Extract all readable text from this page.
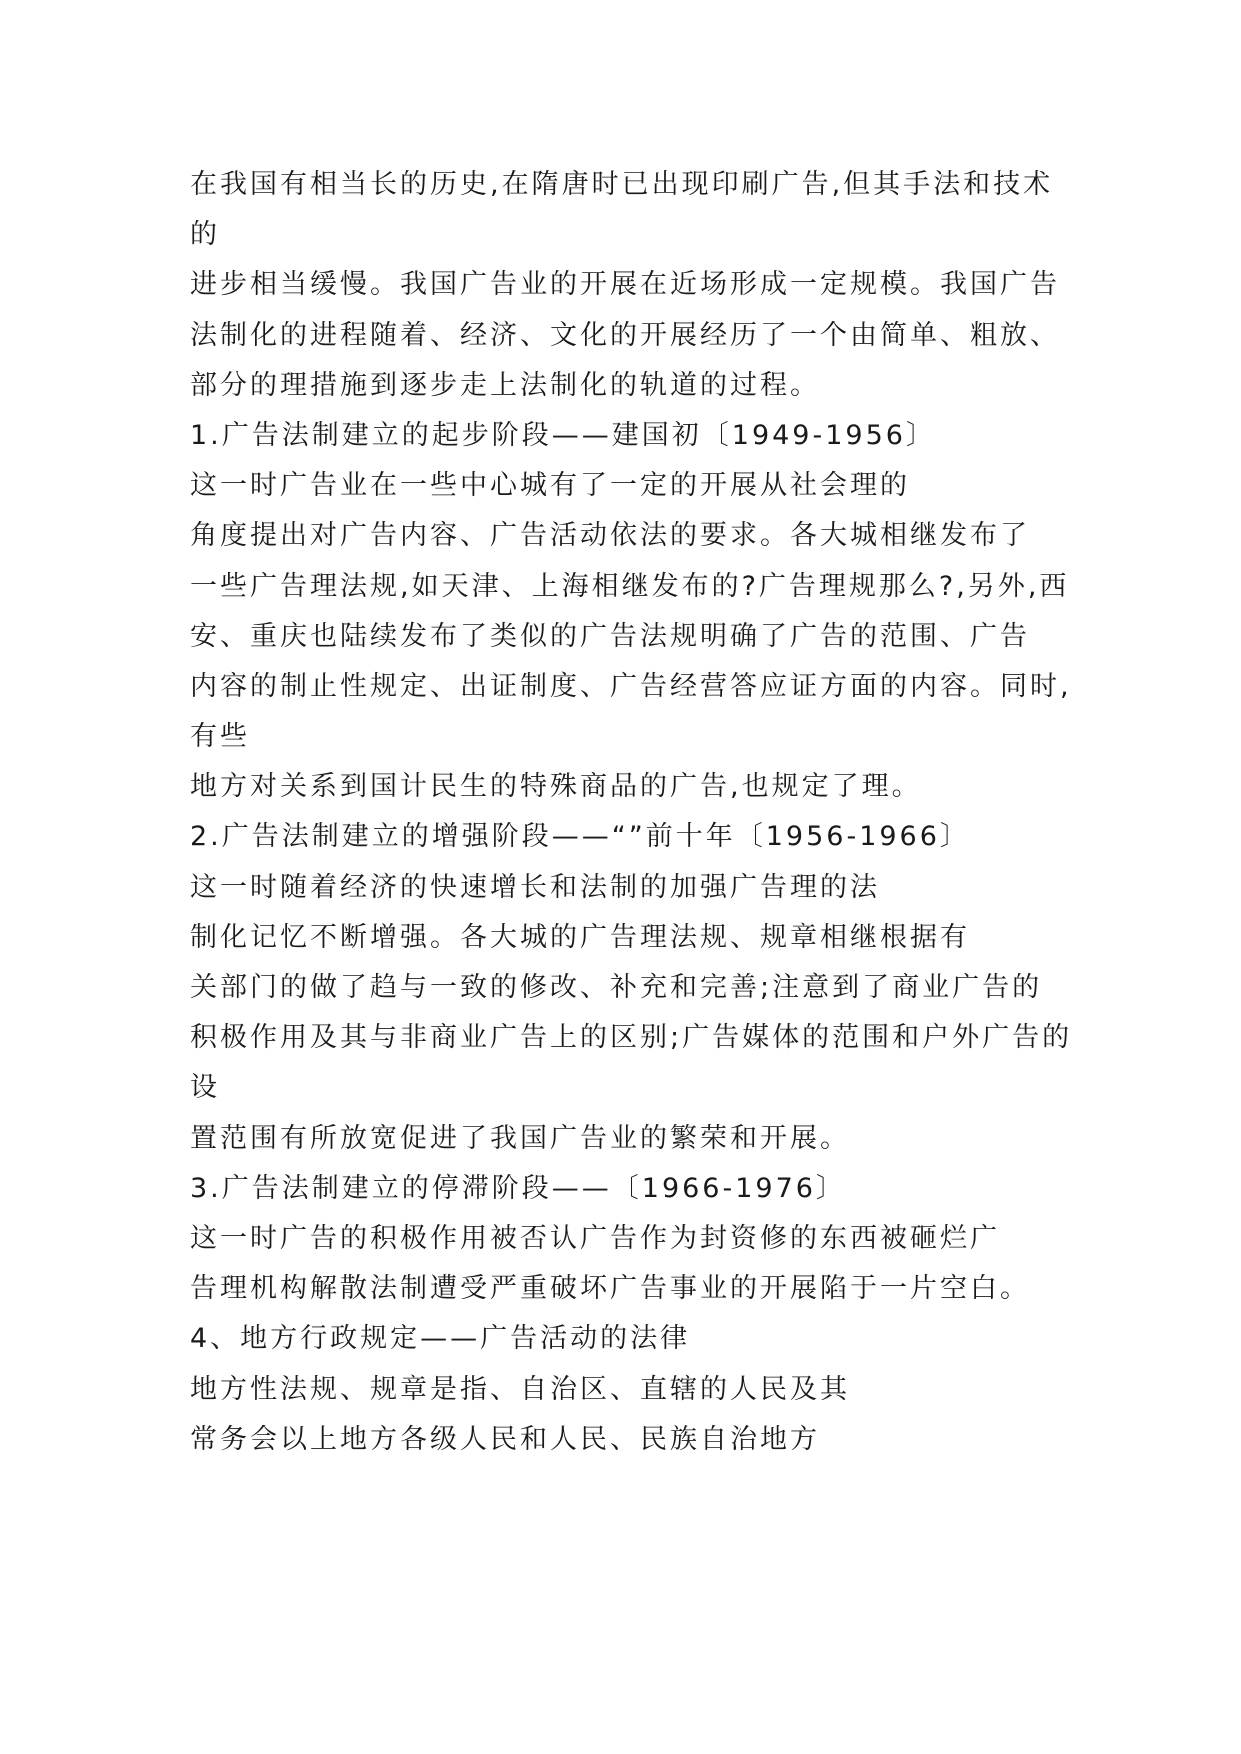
在我国有相当长的历史,在隋唐时已出现印刷广告,但其手法和技术
的
进步相当缓慢。我国广告业的开展在近场形成一定规模。我国广告
法制化的进程随着、经济、文化的开展经历了一个由简单、粗放、
部分的理措施到逐步走上法制化的轨道的过程。
1.广告法制建立的起步阶段——建国初〔1949-1956〕
这一时广告业在一些中心城有了一定的开展从社会理的
角度提出对广告内容、广告活动依法的要求。各大城相继发布了
一些广告理法规,如天津、上海相继发布的?广告理规那么?,另外,西
安、重庆也陆续发布了类似的广告法规明确了广告的范围、广告
内容的制止性规定、出证制度、广告经营答应证方面的内容。同时,
有些
地方对关系到国计民生的特殊商品的广告,也规定了理。
2.广告法制建立的增强阶段——“”前十年〔1956-1966〕
这一时随着经济的快速增长和法制的加强广告理的法
制化记忆不断增强。各大城的广告理法规、规章相继根据有
关部门的做了趋与一致的修改、补充和完善;注意到了商业广告的
积极作用及其与非商业广告上的区别;广告媒体的范围和户外广告的
设
置范围有所放宽促进了我国广告业的繁荣和开展。
3.广告法制建立的停滞阶段——〔1966-1976〕
这一时广告的积极作用被否认广告作为封资修的东西被砸烂广
告理机构解散法制遭受严重破坏广告事业的开展陷于一片空白。
4、地方行政规定——广告活动的法律
地方性法规、规章是指、自治区、直辖的人民及其
常务会以上地方各级人民和人民、民族自治地方
